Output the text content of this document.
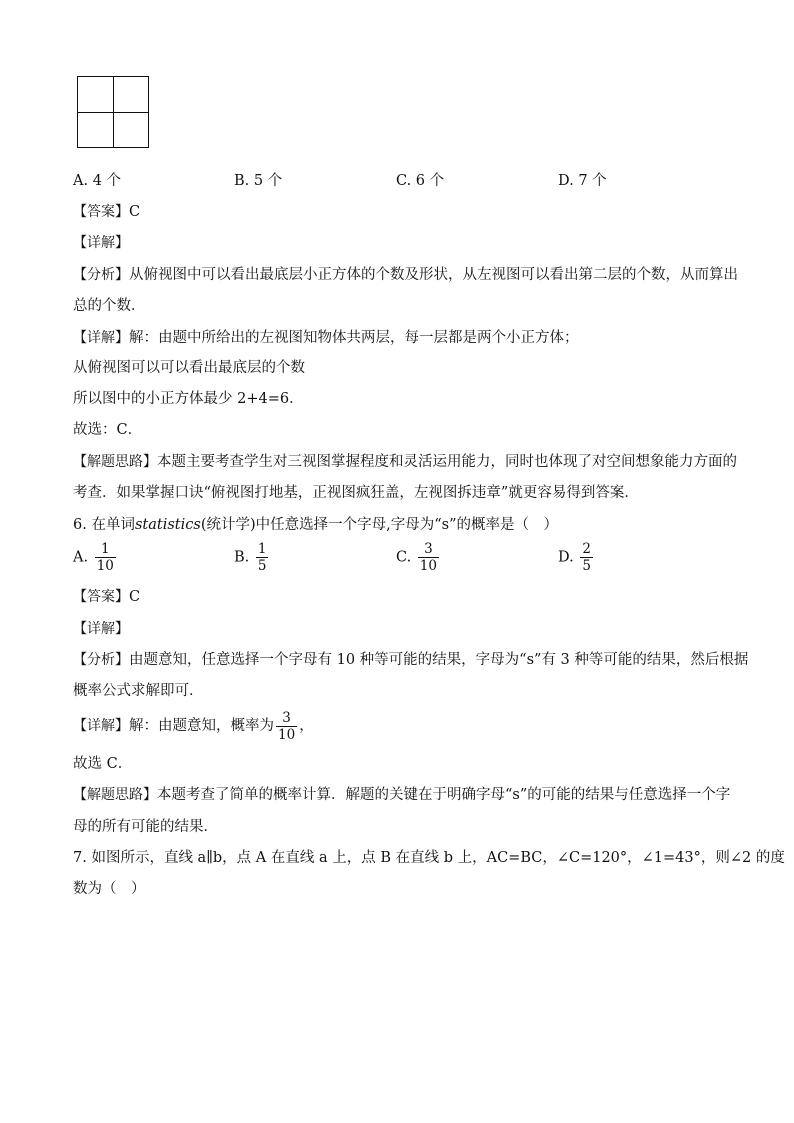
A. 4 个	B. 5 个	C. 6 个	D. 7 个
【答案】C
【详解】
【分析】从俯视图中可以看出最底层小正方体的个数及形状，从左视图可以看出第二层的个数，从而算出
总的个数．
【详解】解：由题中所给出的左视图知物体共两层，每一层都是两个小正方体；
从俯视图可以可以看出最底层的个数
所以图中的小正方体最少 2+4=6．
故选：C．
【解题思路】本题主要考查学生对三视图掌握程度和灵活运用能力，同时也体现了对空间想象能力方面的
考查．如果掌握口诀“俯视图打地基，正视图疯狂盖，左视图拆违章”就更容易得到答案．
6. 在单词statistics(统计学)中任意选择一个字母,字母为“s”的概率是（　）
A. $\frac{1}{10}$	B. $\frac{1}{5}$	C. $\frac{3}{10}$	D. $\frac{2}{5}$
【答案】C
【详解】
【分析】由题意知，任意选择一个字母有 10 种等可能的结果，字母为“s”有 3 种等可能的结果，然后根据
概率公式求解即可．
【详解】解：由题意知，概率为 $\frac{3}{10}$ ，
故选 C．
【解题思路】本题考查了简单的概率计算．解题的关键在于明确字母“s”的可能的结果与任意选择一个字
母的所有可能的结果．
7. 如图所示，直线 a∥b，点 A 在直线 a 上，点 B 在直线 b 上，AC=BC，∠C=120°，∠1=43°，则∠2 的度
数为（　）
